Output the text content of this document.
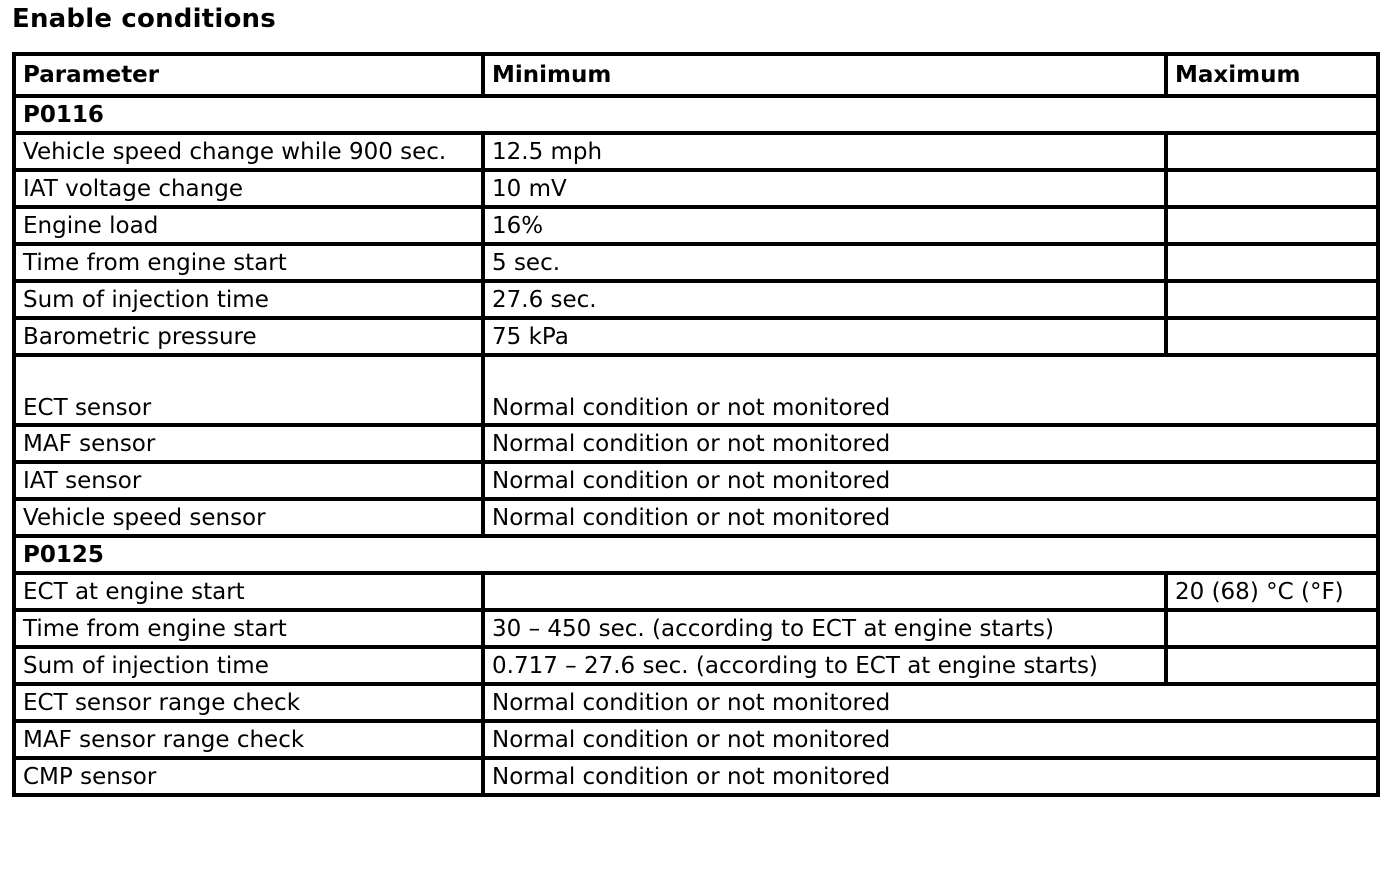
Enable conditions
Parameter	Minimum	Maximum
P0116		
Vehicle speed change while 900 sec.	12.5 mph	
IAT voltage change	10 mV	
Engine load	16%	
Time from engine start	5 sec.	
Sum of injection time	27.6 sec.	
Barometric pressure	75 kPa	
ECT sensor	Normal condition or not monitored	
MAF sensor	Normal condition or not monitored	
IAT sensor	Normal condition or not monitored	
Vehicle speed sensor	Normal condition or not monitored	
P0125		
ECT at engine start		20 (68) °C (°F)
Time from engine start	30 – 450 sec. (according to ECT at engine starts)	
Sum of injection time	0.717 – 27.6 sec. (according to ECT at engine starts)	
ECT sensor range check	Normal condition or not monitored	
MAF sensor range check	Normal condition or not monitored	
CMP sensor	Normal condition or not monitored	
